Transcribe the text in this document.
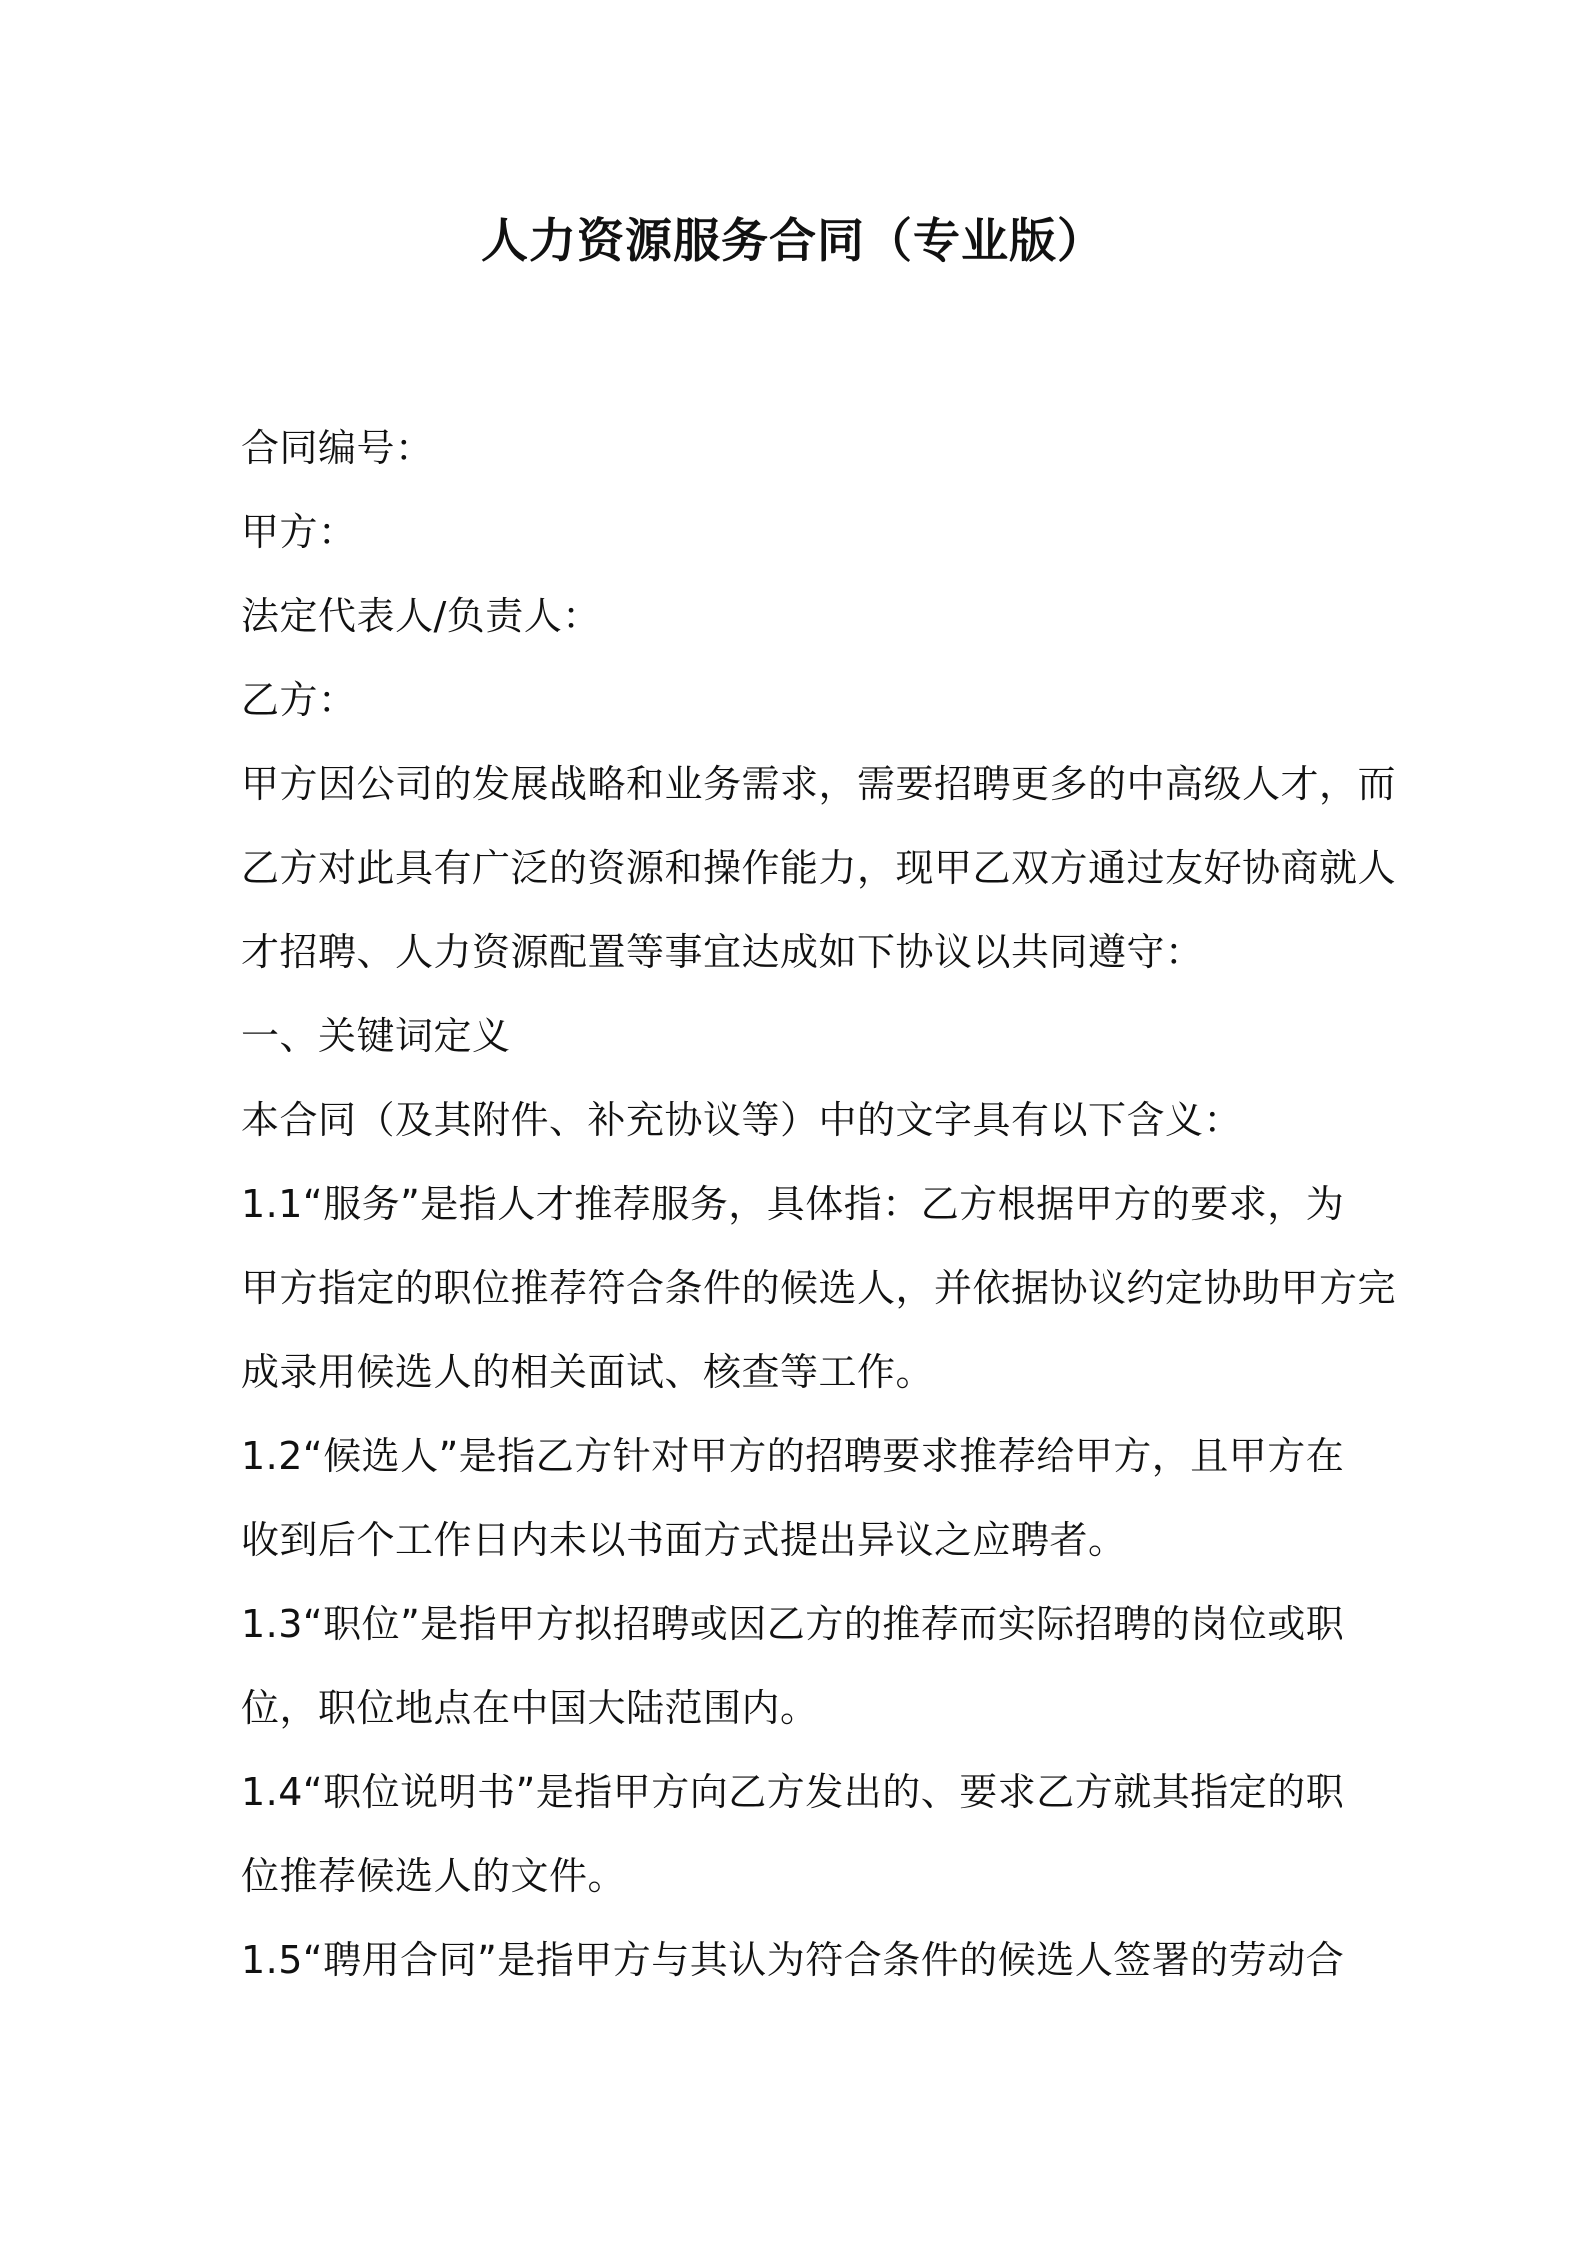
人力资源服务合同（专业版）
合同编号：
甲方：
法定代表人/负责人：
乙方：
甲方因公司的发展战略和业务需求，需要招聘更多的中高级人才，而
乙方对此具有广泛的资源和操作能力，现甲乙双方通过友好协商就人
才招聘、人力资源配置等事宜达成如下协议以共同遵守：
一、关键词定义
本合同（及其附件、补充协议等）中的文字具有以下含义：
1.1“服务”是指人才推荐服务，具体指：乙方根据甲方的要求，为
甲方指定的职位推荐符合条件的候选人，并依据协议约定协助甲方完
成录用候选人的相关面试、核查等工作。
1.2“候选人”是指乙方针对甲方的招聘要求推荐给甲方，且甲方在
收到后个工作日内未以书面方式提出异议之应聘者。
1.3“职位”是指甲方拟招聘或因乙方的推荐而实际招聘的岗位或职
位，职位地点在中国大陆范围内。
1.4“职位说明书”是指甲方向乙方发出的、要求乙方就其指定的职
位推荐候选人的文件。
1.5“聘用合同”是指甲方与其认为符合条件的候选人签署的劳动合
